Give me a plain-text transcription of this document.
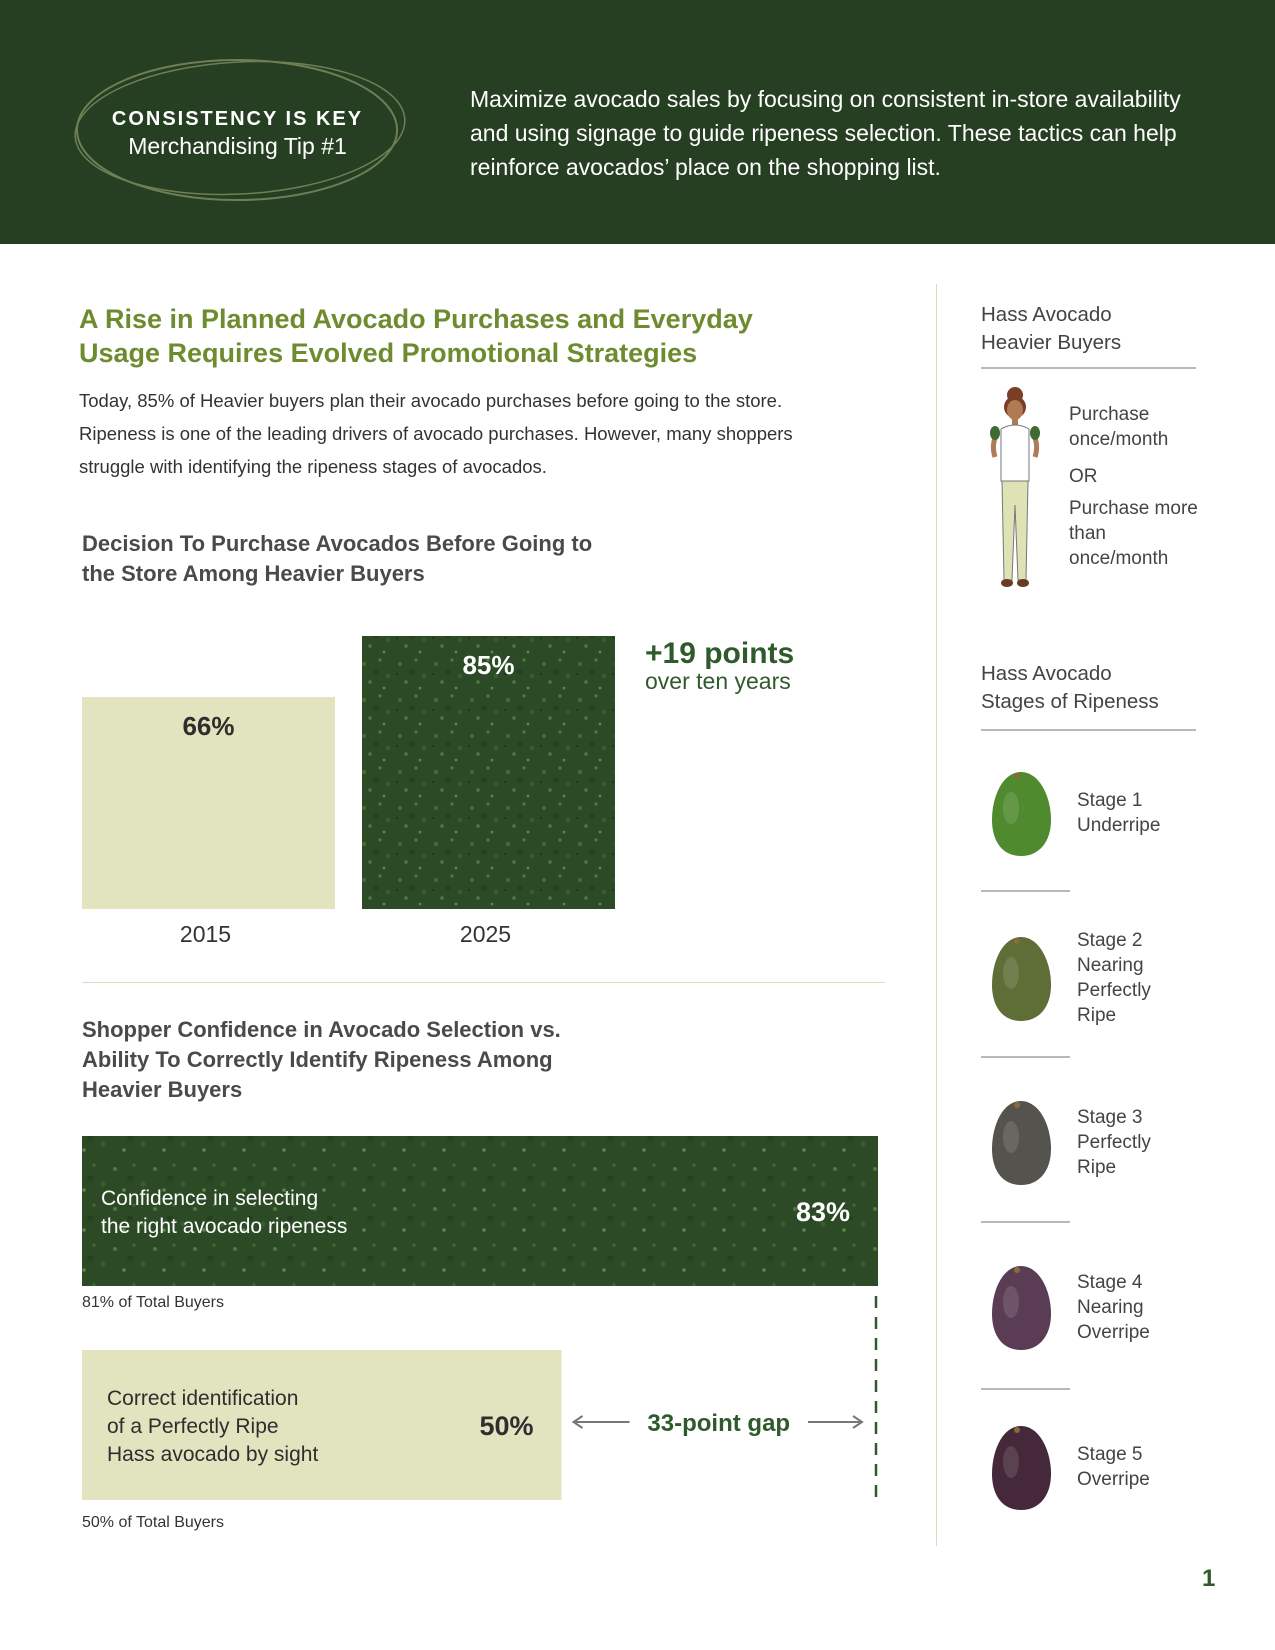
CONSISTENCY IS KEY
Merchandising Tip #1
Maximize avocado sales by focusing on consistent in-store availability and using signage to guide ripeness selection. These tactics can help reinforce avocados’ place on the shopping list.
A Rise in Planned Avocado Purchases and Everyday Usage Requires Evolved Promotional Strategies
Today, 85% of Heavier buyers plan their avocado purchases before going to the store. Ripeness is one of the leading drivers of avocado purchases. However, many shoppers struggle with identifying the ripeness stages of avocados.
Decision To Purchase Avocados Before Going to the Store Among Heavier Buyers
66%
2015
85%
2025
+19 points
over ten years
Shopper Confidence in Avocado Selection vs. Ability To Correctly Identify Ripeness Among Heavier Buyers
Confidence in selecting
the right avocado ripeness	83%
Correct identification
of a Perfectly Ripe
Hass avocado by sight
50%	33-point gap
81% of Total Buyers
50% of Total Buyers
Hass Avocado
Heavier Buyers
Purchase once/month
OR
Purchase more than once/month
Hass Avocado
Stages of Ripeness
Stage 1
Underripe
Stage 2
Nearing
Perfectly
Ripe
Stage 3
Perfectly
Ripe
Stage 4
Nearing
Overripe
Stage 5
Overripe
1
